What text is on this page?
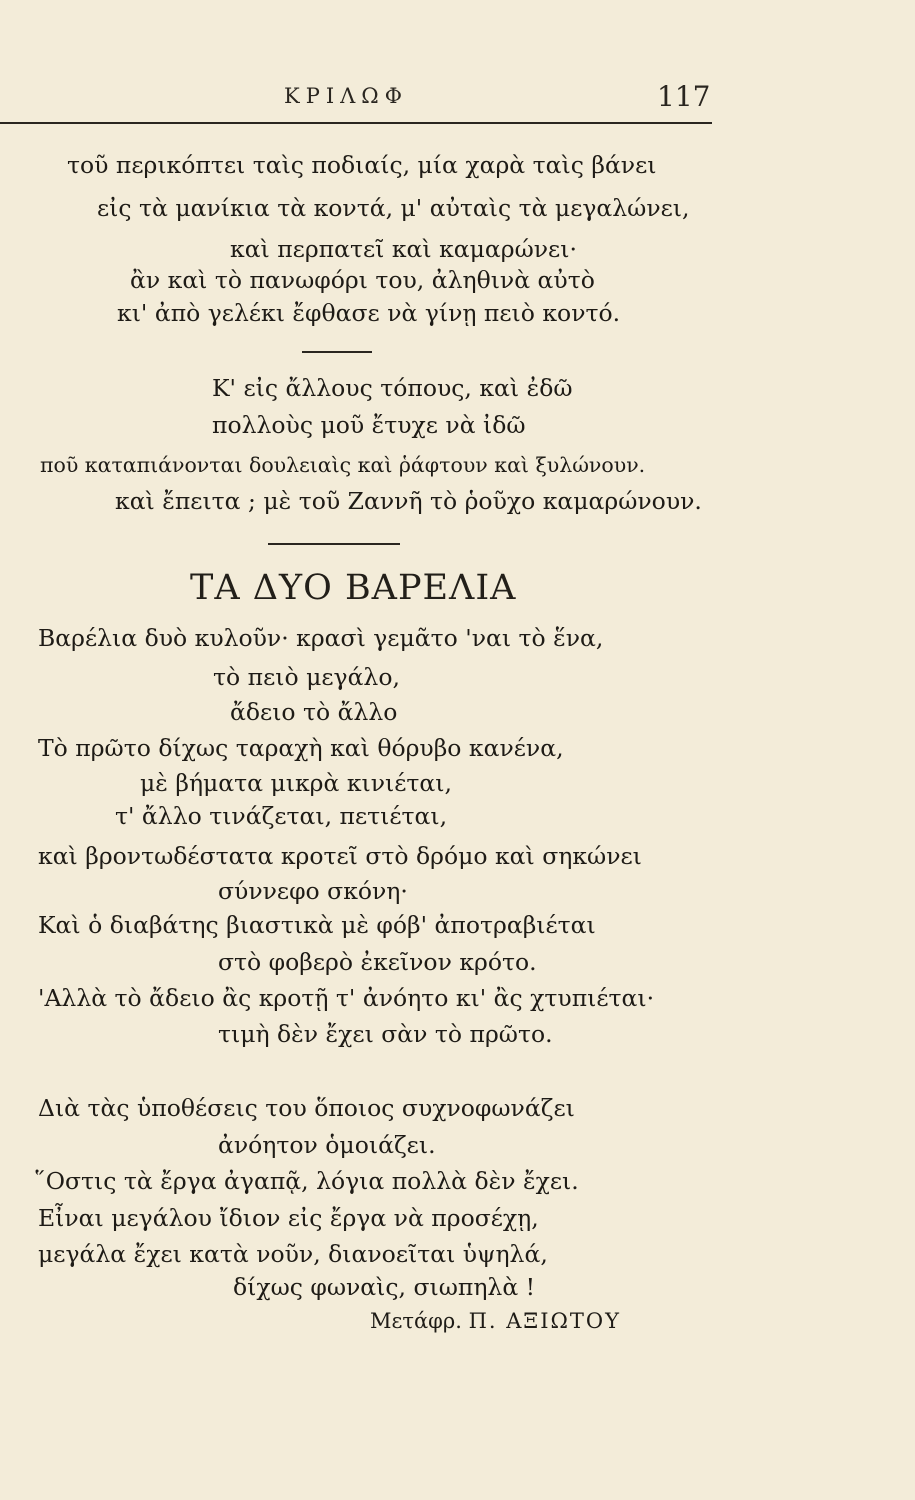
ΚΡΙΛΩΦ	117
τοῦ περικόπτει ταὶς ποδιαίς, μία χαρὰ ταὶς βάνει
εἰς τὰ μανίκια τὰ κοντά, μ' αὐταὶς τὰ μεγαλώνει,
καὶ περπατεῖ καὶ καμαρώνει·
ἂν καὶ τὸ πανωφόρι του, ἀληθινὰ αὐτὸ
κι' ἀπὸ γελέκι ἔφθασε νὰ γίνῃ πειὸ κοντό.
Κ' εἰς ἄλλους τόπους, καὶ ἐδῶ
πολλοὺς μοῦ ἔτυχε νὰ ἰδῶ
ποῦ καταπιάνονται δουλειαὶς καὶ ῥάφτουν καὶ ξυλώνουν.
καὶ ἔπειτα ; μὲ τοῦ Ζαννῆ τὸ ῥοῦχο καμαρώνουν.
ΤΑ ΔΥΟ ΒΑΡΕΛΙΑ
Βαρέλια δυὸ κυλοῦν· κρασὶ γεμᾶτο 'ναι τὸ ἕνα,
τὸ πειὸ μεγάλο,
ἄδειο τὸ ἄλλο
Τὸ πρῶτο δίχως ταραχὴ καὶ θόρυβο κανένα,
μὲ βήματα μικρὰ κινιέται,
τ' ἄλλο τινάζεται, πετιέται,
καὶ βροντωδέστατα κροτεῖ στὸ δρόμο καὶ σηκώνει
σύννεφο σκόνη·
Καὶ ὁ διαβάτης βιαστικὰ μὲ φόβ' ἀποτραβιέται
στὸ φοβερὸ ἐκεῖνον κρότο.
'Αλλὰ τὸ ἄδειο ἂς κροτῇ τ' ἀνόητο κι' ἂς χτυπιέται·
τιμὴ δὲν ἔχει σὰν τὸ πρῶτο.
Διὰ τὰς ὑποθέσεις του ὅποιος συχνοφωνάζει
ἀνόητον ὁμοιάζει.
῞Οστις τὰ ἔργα ἀγαπᾷ, λόγια πολλὰ δὲν ἔχει.
Εἶναι μεγάλου ἴδιον εἰς ἔργα νὰ προσέχῃ,
μεγάλα ἔχει κατὰ νοῦν, διανοεῖται ὑψηλά,
δίχως φωναὶς, σιωπηλὰ !
Μετάφρ. Π. ΑΞΙΩΤΟΥ
